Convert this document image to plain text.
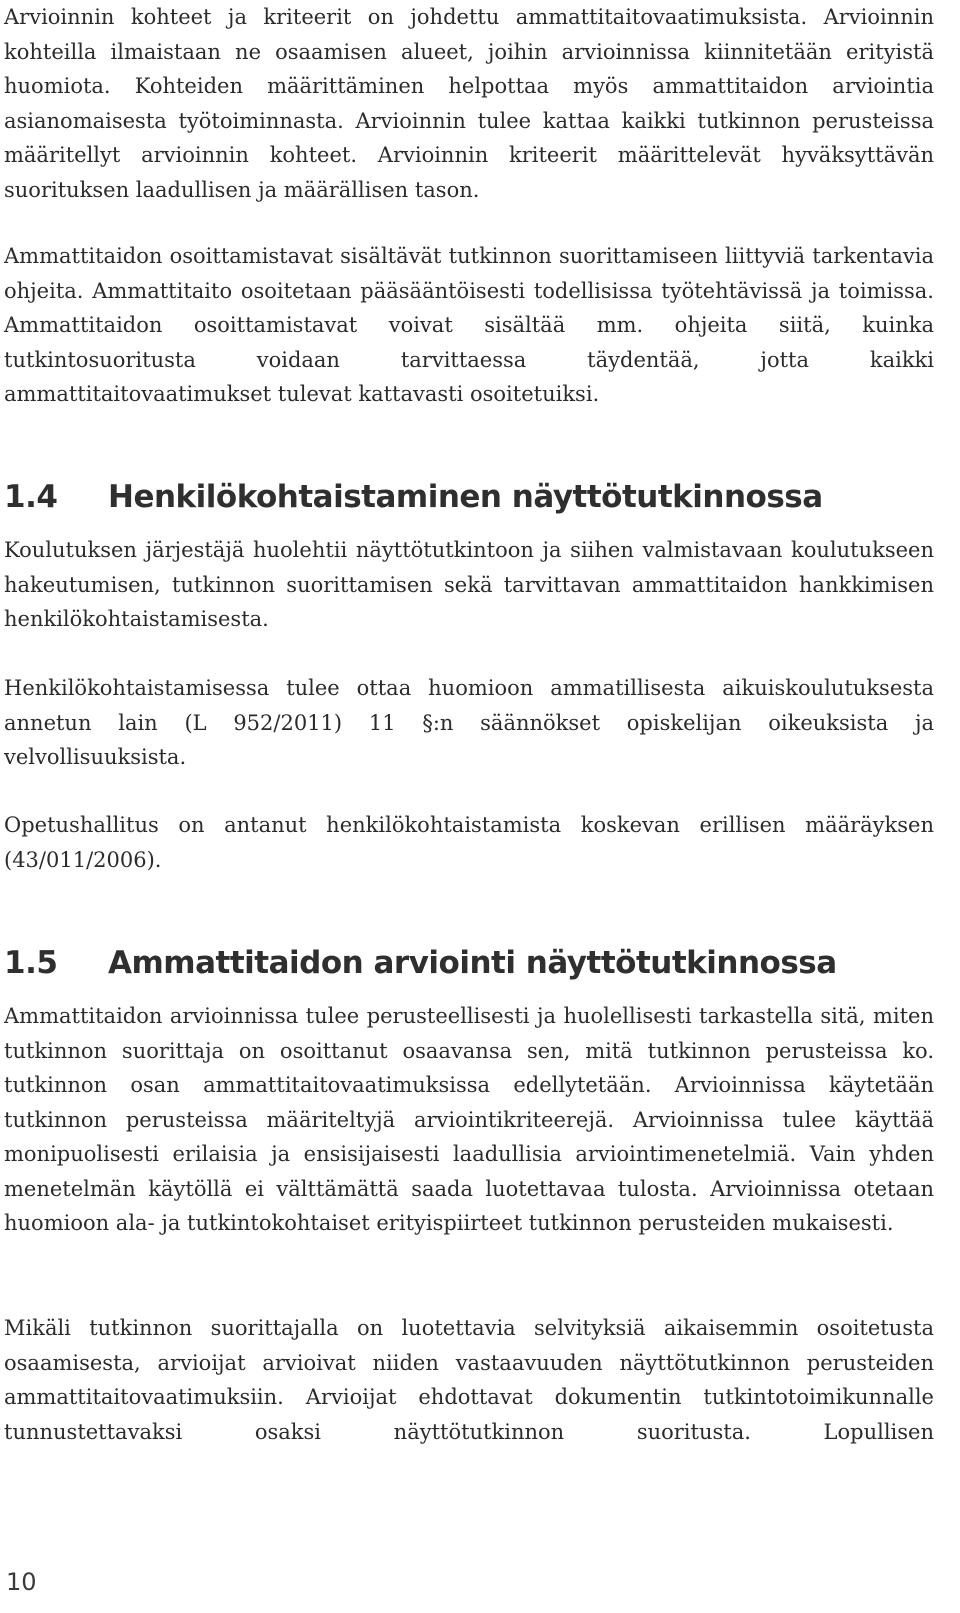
Arvioinnin kohteet ja kriteerit on johdettu ammattitaitovaatimuksista. Arvioinnin kohteilla ilmaistaan ne osaamisen alueet, joihin arvioinnissa kiinnitetään erityistä huomiota. Kohteiden määrittäminen helpottaa myös ammattitaidon arviointia asianomaisesta työtoiminnasta. Arvioinnin tulee kattaa kaikki tutkinnon perusteissa määritellyt arvioinnin kohteet. Arvioinnin kriteerit määrittelevät hyväksyttävän suorituksen laadullisen ja määrällisen tason.

Ammattitaidon osoittamistavat sisältävät tutkinnon suorittamiseen liittyviä tarkentavia ohjeita. Ammattitaito osoitetaan pääsääntöisesti todellisissa työtehtävissä ja toimissa. Ammattitaidon osoittamistavat voivat sisältää mm. ohjeita siitä, kuinka tutkintosuoritusta voidaan tarvittaessa täydentää, jotta kaikki ammattitaitovaatimukset tulevat kattavasti osoitetuiksi.

1.4	Henkilökohtaistaminen näyttötutkinnossa

Koulutuksen järjestäjä huolehtii näyttötutkintoon ja siihen valmistavaan koulutukseen hakeutumisen, tutkinnon suorittamisen sekä tarvittavan ammattitaidon hankkimisen henkilökohtaistamisesta.

Henkilökohtaistamisessa tulee ottaa huomioon ammatillisesta aikuiskoulutuksesta annetun lain (L 952/2011) 11 §:n säännökset opiskelijan oikeuksista ja velvollisuuksista.

Opetushallitus on antanut henkilökohtaistamista koskevan erillisen määräyksen (43/011/2006).

1.5	Ammattitaidon arviointi näyttötutkinnossa

Ammattitaidon arvioinnissa tulee perusteellisesti ja huolellisesti tarkastella sitä, miten tutkinnon suorittaja on osoittanut osaavansa sen, mitä tutkinnon perusteissa ko. tutkinnon osan ammattitaitovaatimuksissa edellytetään. Arvioinnissa käytetään tutkinnon perusteissa määriteltyjä arviointikriteerejä. Arvioinnissa tulee käyttää monipuolisesti erilaisia ja ensisijaisesti laadullisia arviointimenetelmiä. Vain yhden menetelmän käytöllä ei välttämättä saada luotettavaa tulosta. Arvioinnissa otetaan huomioon ala- ja tutkintokohtaiset erityispiirteet tutkinnon perusteiden mukaisesti.

Mikäli tutkinnon suorittajalla on luotettavia selvityksiä aikaisemmin osoitetusta osaamisesta, arvioijat arvioivat niiden vastaavuuden näyttötutkinnon perusteiden ammattitaitovaatimuksiin. Arvioijat ehdottavat dokumentin tutkintotoimikunnalle tunnustettavaksi osaksi näyttötutkinnon suoritusta. Lopullisen

10
